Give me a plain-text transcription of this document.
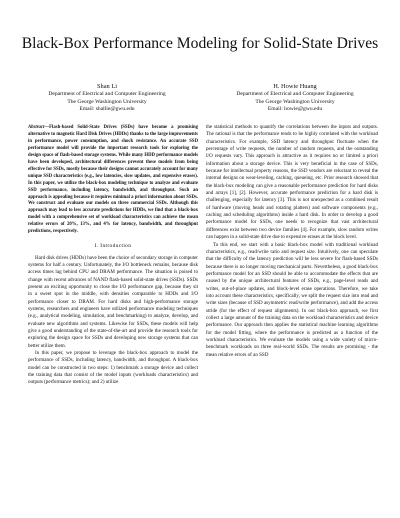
Black-Box Performance Modeling for Solid-State Drives
Shan Li
Department of Electrical and Computer Engineering
The George Washington University
Email: shallie@gwu.edu
H. Howie Huang
Department of Electrical and Computer Engineering
The George Washington University
Email: howie@gwu.edu

Abstract—Flash-based Solid-State Drives (SSDs) have become a promising alternative to magnetic Hard Disk Drives (HDDs) thanks to the large improvements in performance, power consumption, and shock resistance. An accurate SSD performance model will provide the important research tools for exploring the design space of flash-based storage systems. While many HDD performance models have been developed, architectural differences prevent these models from being effective for SSDs, mostly because their designs cannot accurately account for many unique SSD characteristics (e.g., low latencies, slow updates, and expensive erases). In this paper, we utilize the black-box modeling technique to analyze and evaluate SSD performance, including latency, bandwidth, and throughput. Such an approach is appealing because it requires minimal a priori information about SSDs. We construct and evaluate our models on three commercial SSDs. Although this approach may lead to less accurate predictions for HDDs, we find that a black-box model with a comprehensive set of workload characteristics can achieve the mean relative errors of 20%, 13%, and 4% for latency, bandwidth, and throughput predictions, respectively.

I. Introduction

Hard disk drives (HDDs) have been the choice of secondary storage in computer systems for half a century. Unfortunately, the I/O bottleneck remains, because disk access times lag behind CPU and DRAM performance. The situation is poised to change with recent advances of NAND flash-based solid-state drives (SSDs). SSDs present an exciting opportunity to close the I/O performance gap, because they sit in a sweet spot in the middle, with densities comparable to HDDs and I/O performance closer to DRAM. For hard disks and high-performance storage systems, researchers and engineers have utilized performance modeling techniques (e.g., analytical modeling, simulation, and benchmarking) to analyze, develop, and evaluate new algorithms and systems. Likewise for SSDs, these models will help give a good understanding of the state-of-the-art and provide the research tools for exploring the design space for SSDs and developing new storage systems that can better utilize them.

In this paper, we propose to leverage the black-box approach to model the performance of SSDs, including latency, bandwidth, and throughput. A black-box model can be constructed in two steps: 1) benchmark a storage device and collect the training data that consist of the model inputs (workloads characteristics) and outputs (performance metrics); and 2) utilize

the statistical methods to quantify the correlations between the inputs and outputs. The rational is that the performance tends to be highly correlated with the workload characteristics. For example, SSD latency and throughput fluctuate when the percentage of write requests, the number of random requests, and the outstanding I/O requests vary. This approach is attractive as it requires no or limited a priori information about a storage device. This is very beneficial in the case of SSDs, because for intellectual property reasons, the SSD vendors are reluctant to reveal the internal designs on wear-leveling, caching, queueing, etc. Prior research showed that the black-box modeling can give a reasonable performance prediction for hard disks and arrays [1], [2]. However, accurate performance prediction for a hard disk is challenging, especially for latency [3]. This is not unexpected as a combined result of hardware (moving heads and rotating platters) and software components (e.g., caching and scheduling algorithms) inside a hard disk. In order to develop a good performance model for SSDs, one needs to recognize that vast architectural differences exist between two device families [4]. For example, slow random writes can happen in a solid-state drive due to expensive erases at the block level.

To this end, we start with a basic black-box model with traditional workload characteristics, e.g., read/write ratio and request size. Intuitively, one can speculate that the difficulty of the latency prediction will be less severe for flash-based SSDs because there is no longer moving mechanical parts. Nevertheless, a good black-box performance model for an SSD should be able to accommodate the effects that are caused by the unique architectural features of SSDs, e.g., page-level reads and writes, out-of-place updates, and block-level erase operations. Therefore, we take into account these characteristics, specifically, we split the request size into read and write sizes (because of SSD asymmetric read/write performance), and add the access stride (for the effect of request alignments). In our black-box approach, we first collect a large amount of the training data on the workload characteristics and device performance. Our approach then applies the statistical machine learning algorithms for the model fitting, where the performance is predicted as a function of the workload characteristics. We evaluate the models using a wide variety of micro-benchmark workloads on three real-world SSDs. The results are promising - the mean relative errors of an SSD
